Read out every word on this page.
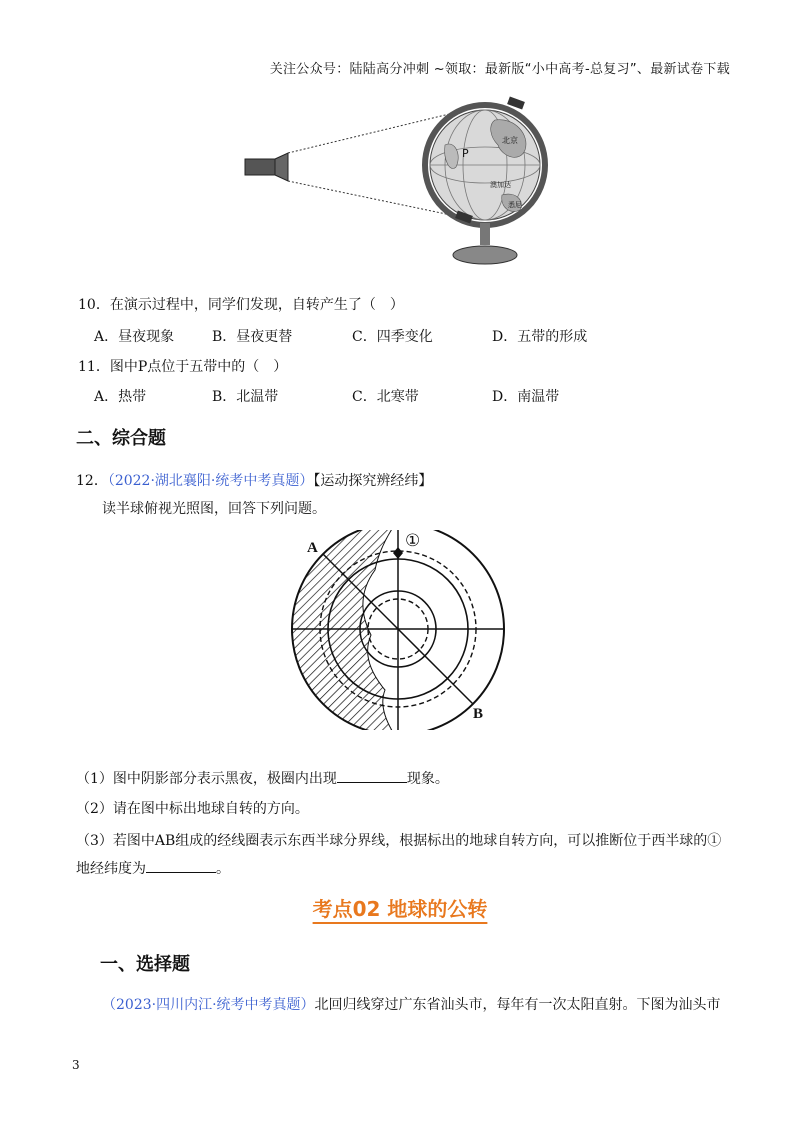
关注公众号：陆陆高分冲刺 ~领取：最新版“小中高考-总复习”、最新试卷下载
北京
P
澳加达
悉尼
10．在演示过程中，同学们发现，自转产生了（　）
A．昼夜现象	B．昼夜更替	C．四季变化	D．五带的形成
11．图中P点位于五带中的（　）
A．热带	B．北温带	C．北寒带	D．南温带
二、综合题
12．（2022·湖北襄阳·统考中考真题）【运动探究辨经纬】
读半球俯视光照图，回答下列问题。
A
B
①
（1）图中阴影部分表示黑夜，极圈内出现	现象。
（2）请在图中标出地球自转的方向。
（3）若图中AB组成的经线圈表示东西半球分界线，根据标出的地球自转方向，可以推断位于西半球的①
地经纬度为	。
考点02 地球的公转
一、选择题
（2023·四川内江·统考中考真题）北回归线穿过广东省汕头市，每年有一次太阳直射。下图为汕头市
3
